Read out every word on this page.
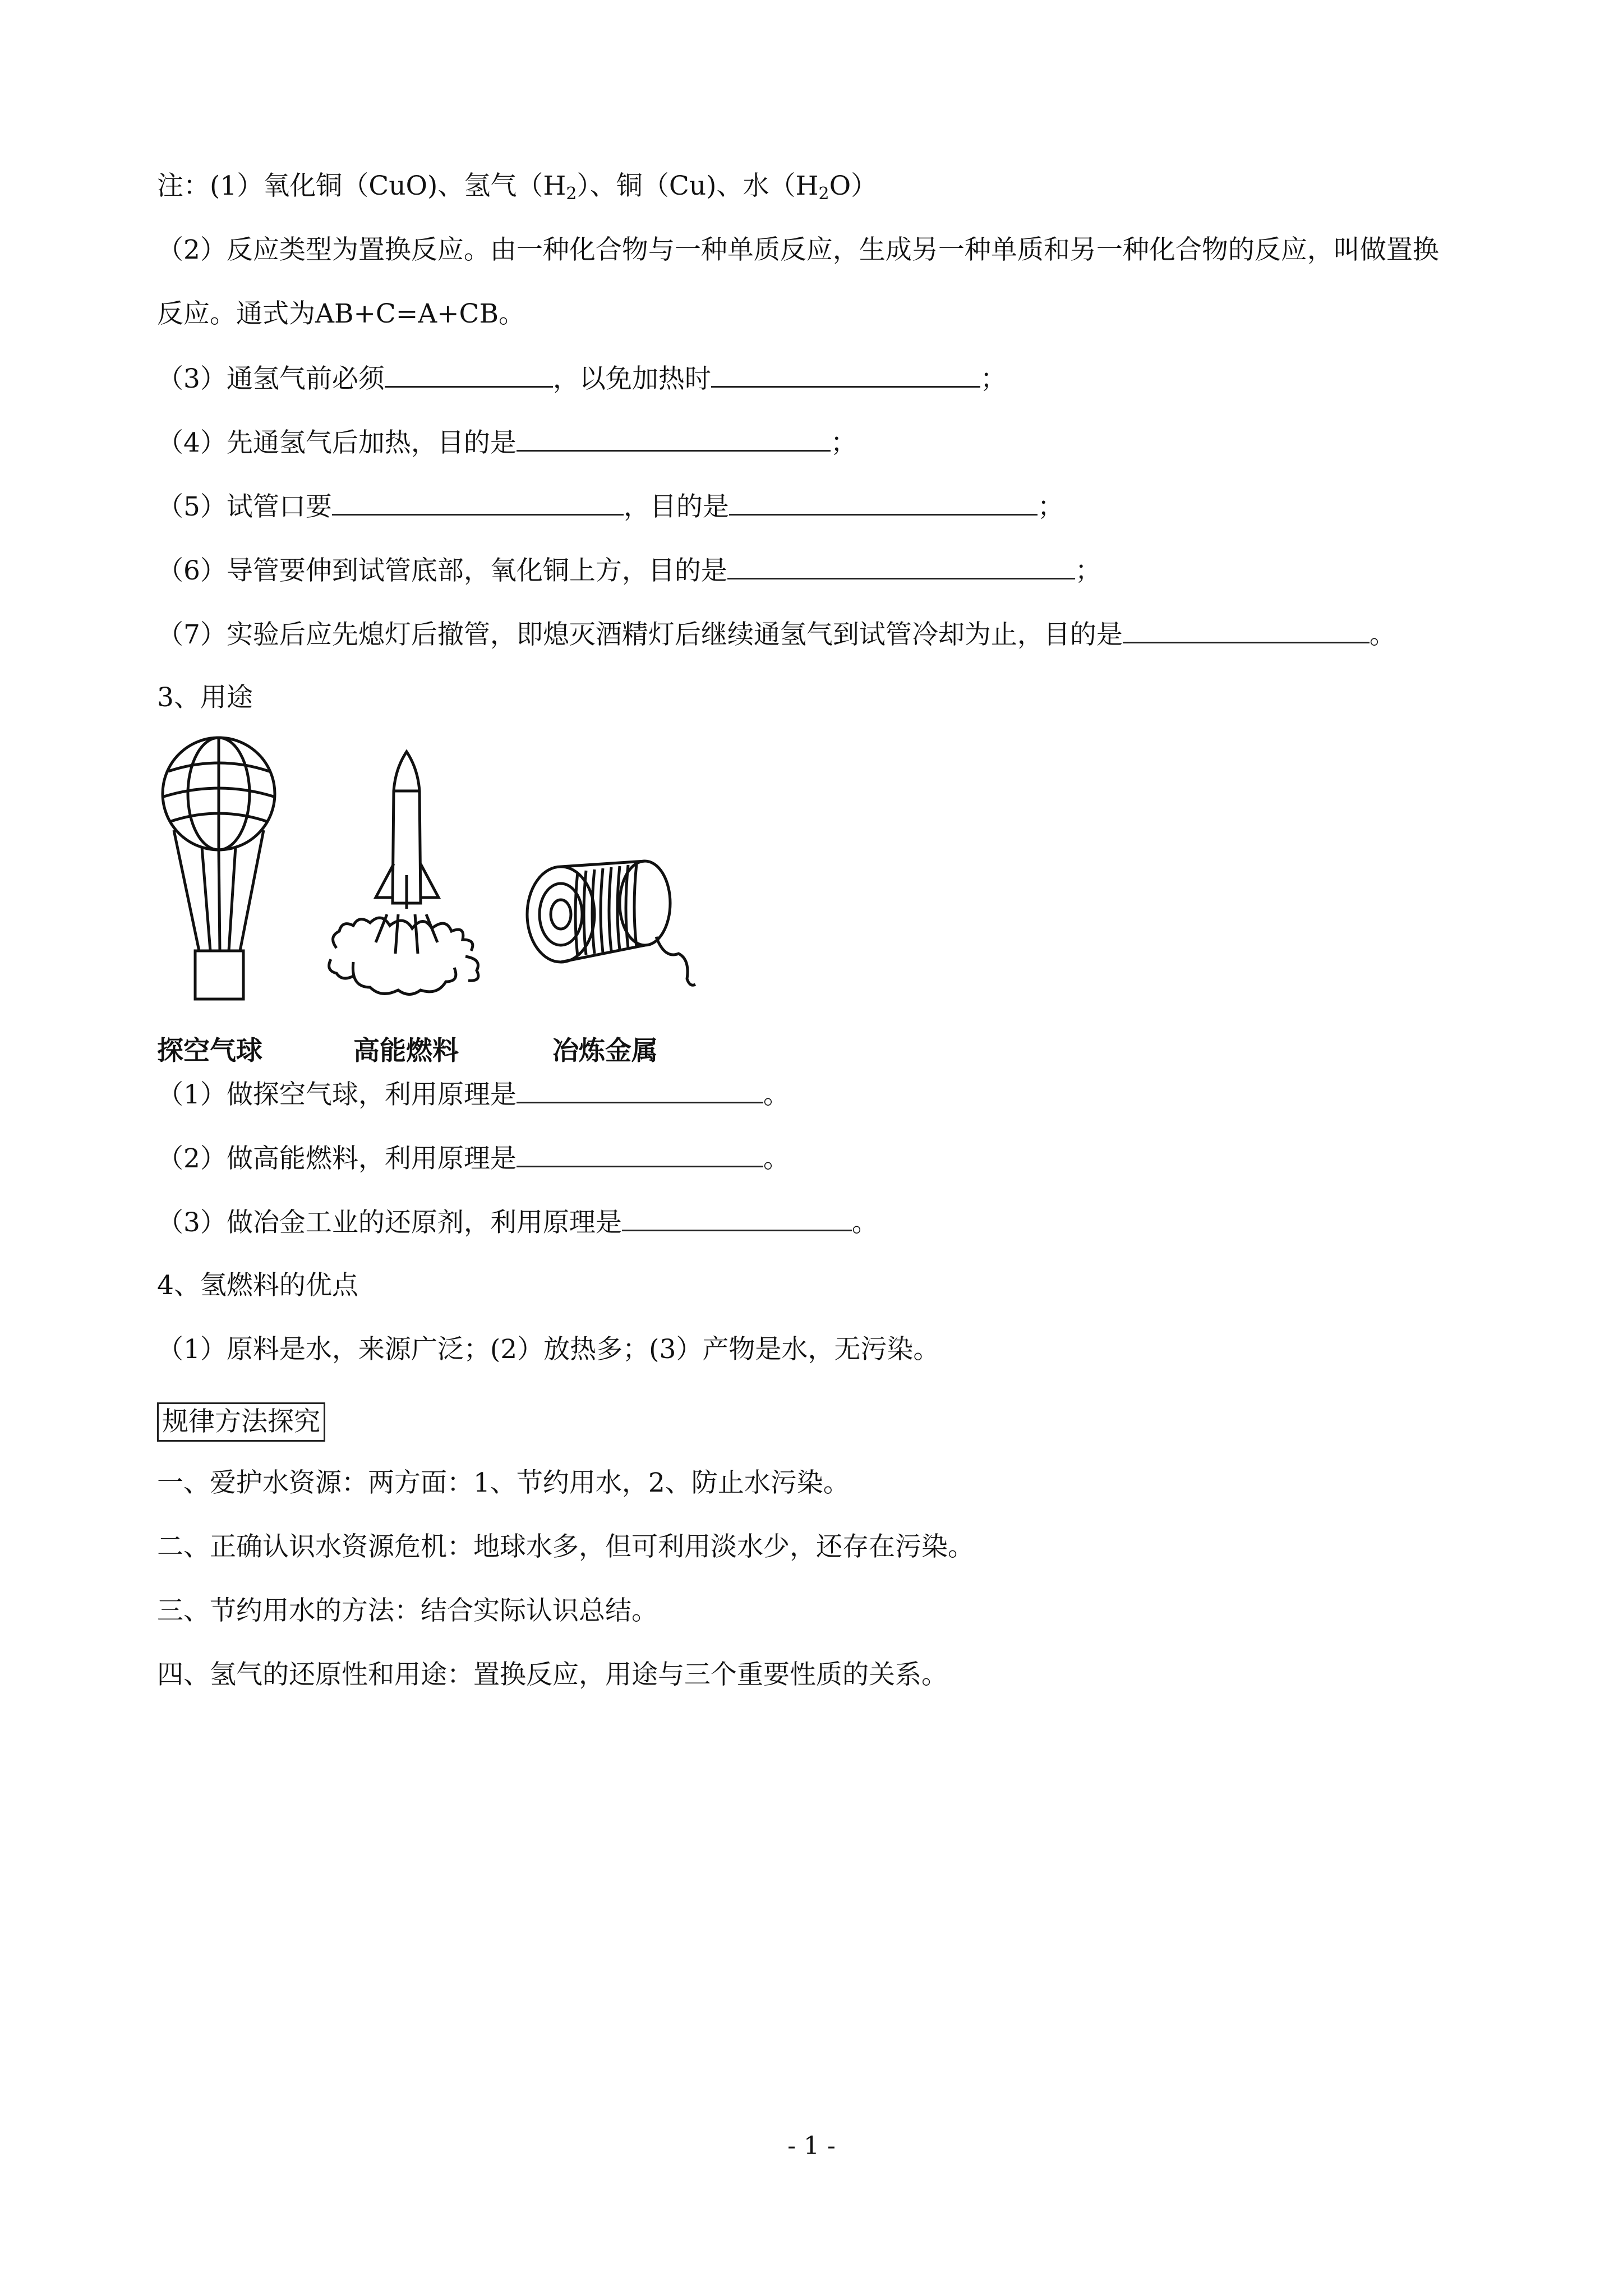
注：(1）氧化铜（CuO)、氢气$(H_2)$、铜（Cu)、水$(H_2O)$
（2）反应类型为置换反应。由一种化合物与一种单质反应，生成另一种单质和另一种化合物的反应，叫做置换
反应。通式为AB+C=A+CB。
（3）通氢气前必须	，以免加热时	；
（4）先通氢气后加热，目的是	；
（5）试管口要	，目的是	；
（6）导管要伸到试管底部，氧化铜上方，目的是	；
（7）实验后应先熄灯后撤管，即熄灭酒精灯后继续通氢气到试管冷却为止，目的是	。
3、用途
探空气球	高能燃料	冶炼金属
（1）做探空气球，利用原理是	。
（2）做高能燃料，利用原理是	。
（3）做冶金工业的还原剂，利用原理是	。
4、氢燃料的优点
（1）原料是水，来源广泛；(2）放热多；(3）产物是水，无污染。
规律方法探究
一、爱护水资源：两方面：1、节约用水，2、防止水污染。
二、正确认识水资源危机：地球水多，但可利用淡水少，还存在污染。
三、节约用水的方法：结合实际认识总结。
四、氢气的还原性和用途：置换反应，用途与三个重要性质的关系。
- 1 -
